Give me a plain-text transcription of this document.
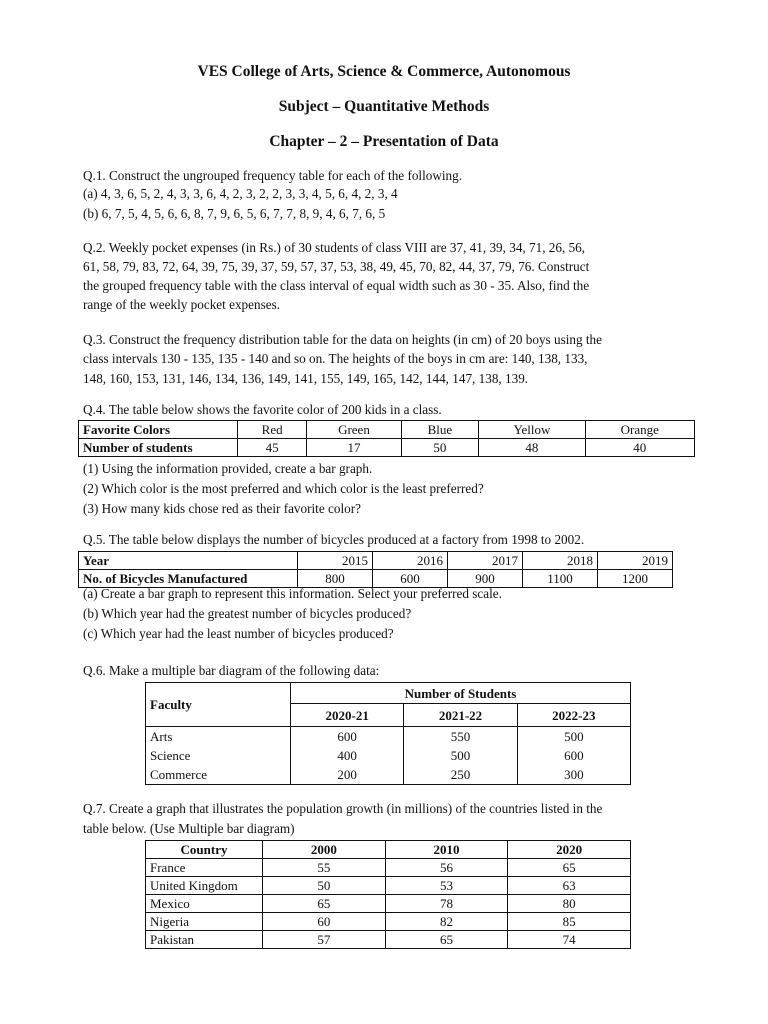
VES College of Arts, Science & Commerce, Autonomous
Subject – Quantitative Methods
Chapter – 2 – Presentation of Data
Q.1. Construct the ungrouped frequency table for each of the following.
(a) 4, 3, 6, 5, 2, 4, 3, 3, 6, 4, 2, 3, 2, 2, 3, 3, 4, 5, 6, 4, 2, 3, 4
(b) 6, 7, 5, 4, 5, 6, 6, 8, 7, 9, 6, 5, 6, 7, 7, 8, 9, 4, 6, 7, 6, 5
Q.2. Weekly pocket expenses (in Rs.) of 30 students of class VIII are 37, 41, 39, 34, 71, 26, 56,
61, 58, 79, 83, 72, 64, 39, 75, 39, 37, 59, 57, 37, 53, 38, 49, 45, 70, 82, 44, 37, 79, 76. Construct
the grouped frequency table with the class interval of equal width such as 30 - 35. Also, find the
range of the weekly pocket expenses.
Q.3. Construct the frequency distribution table for the data on heights (in cm) of 20 boys using the
class intervals 130 - 135, 135 - 140 and so on. The heights of the boys in cm are: 140, 138, 133,
148, 160, 153, 131, 146, 134, 136, 149, 141, 155, 149, 165, 142, 144, 147, 138, 139.
Q.4. The table below shows the favorite color of 200 kids in a class.
Favorite Colors	Red	Green	Blue	Yellow	Orange
Number of students	45	17	50	48	40
(1) Using the information provided, create a bar graph.
(2) Which color is the most preferred and which color is the least preferred?
(3) How many kids chose red as their favorite color?
Q.5. The table below displays the number of bicycles produced at a factory from 1998 to 2002.
Year	2015	2016	2017	2018	2019
No. of Bicycles Manufactured	800	600	900	1100	1200
(a) Create a bar graph to represent this information. Select your preferred scale.
(b) Which year had the greatest number of bicycles produced?
(c) Which year had the least number of bicycles produced?
Q.6. Make a multiple bar diagram of the following data:
Faculty	Number of Students		
	2020-21	2021-22	2022-23
Arts	600	550	500
Science	400	500	600
Commerce	200	250	300
Q.7. Create a graph that illustrates the population growth (in millions) of the countries listed in the
table below. (Use Multiple bar diagram)
Country	2000	2010	2020
France	55	56	65
United Kingdom	50	53	63
Mexico	65	78	80
Nigeria	60	82	85
Pakistan	57	65	74
